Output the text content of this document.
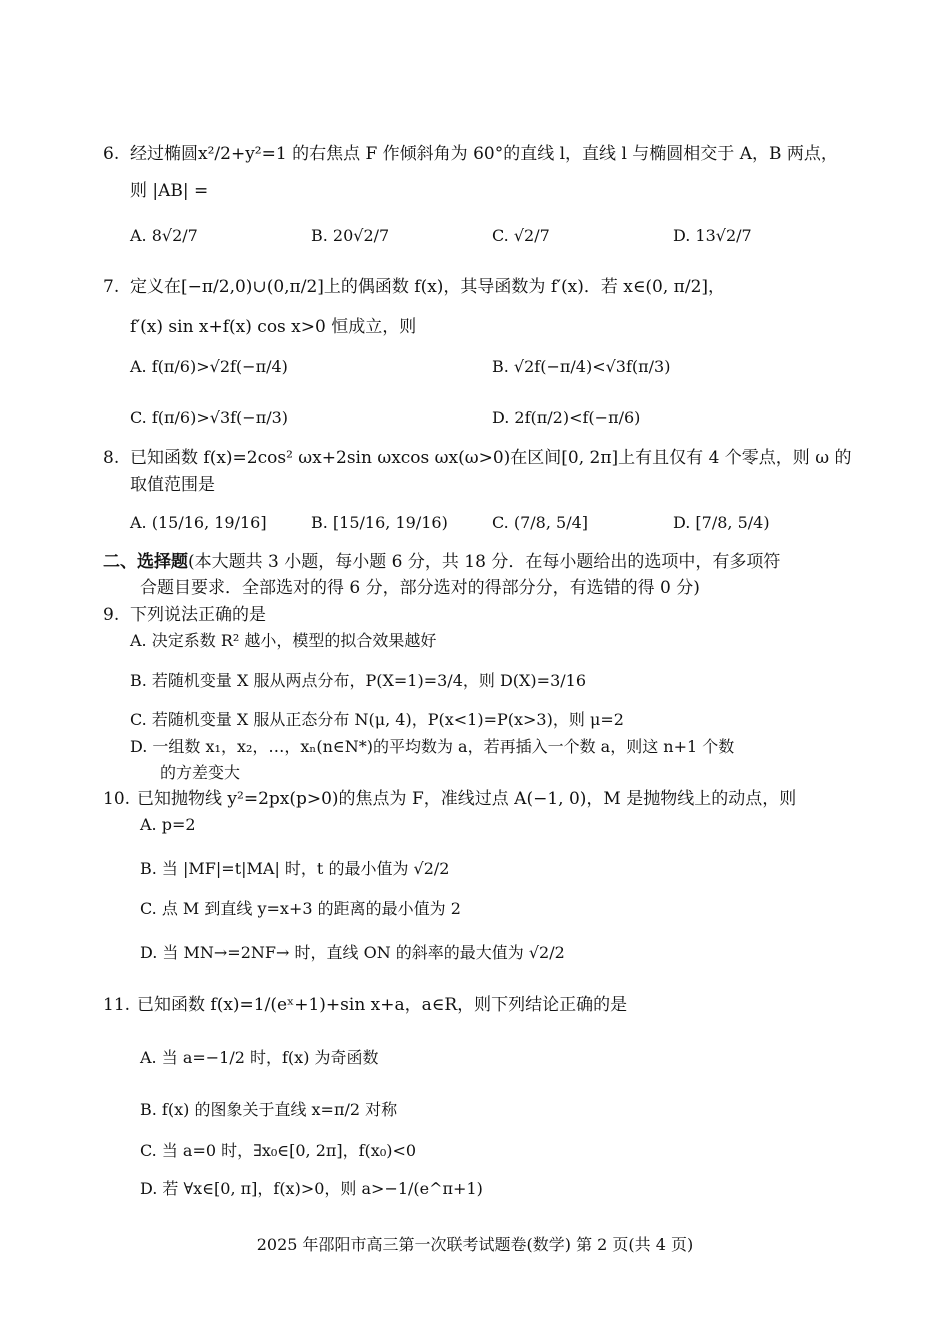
6. 经过椭圆x²/2+y²=1 的右焦点 F 作倾斜角为 60°的直线 l，直线 l 与椭圆相交于 A，B 两点，
则 |AB| =
A. 8√2/7	B. 20√2/7	C. √2/7	D. 13√2/7
7. 定义在[−π/2,0)∪(0,π/2]上的偶函数 f(x)，其导函数为 f′(x)．若 x∈(0, π/2]，
f′(x) sin x+f(x) cos x>0 恒成立，则
A. f(π/6)>√2f(−π/4)	B. √2f(−π/4)<√3f(π/3)
C. f(π/6)>√3f(−π/3)	D. 2f(π/2)<f(−π/6)
8. 已知函数 f(x)=2cos² ωx+2sin ωxcos ωx(ω>0)在区间[0, 2π]上有且仅有 4 个零点，则 ω 的
取值范围是
A. (15/16, 19/16]	B. [15/16, 19/16)	C. (7/8, 5/4]	D. [7/8, 5/4)
二、选择题(本大题共 3 小题，每小题 6 分，共 18 分．在每小题给出的选项中，有多项符
合题目要求．全部选对的得 6 分，部分选对的得部分分，有选错的得 0 分)
9. 下列说法正确的是
A. 决定系数 R² 越小，模型的拟合效果越好
B. 若随机变量 X 服从两点分布，P(X=1)=3/4，则 D(X)=3/16
C. 若随机变量 X 服从正态分布 N(μ, 4)，P(x<1)=P(x>3)，则 μ=2
D. 一组数 x₁，x₂，…，xₙ(n∈N*)的平均数为 a，若再插入一个数 a，则这 n+1 个数
的方差变大
10. 已知抛物线 y²=2px(p>0)的焦点为 F，准线过点 A(−1, 0)，M 是抛物线上的动点，则
A. p=2
B. 当 |MF|=t|MA| 时，t 的最小值为 √2/2
C. 点 M 到直线 y=x+3 的距离的最小值为 2
D. 当 MN→=2NF→ 时，直线 ON 的斜率的最大值为 √2/2
11. 已知函数 f(x)=1/(eˣ+1)+sin x+a，a∈R，则下列结论正确的是
A. 当 a=−1/2 时，f(x) 为奇函数
B. f(x) 的图象关于直线 x=π/2 对称
C. 当 a=0 时，∃x₀∈[0, 2π]，f(x₀)<0
D. 若 ∀x∈[0, π]，f(x)>0，则 a>−1/(e^π+1)
2025 年邵阳市高三第一次联考试题卷(数学) 第 2 页(共 4 页)
